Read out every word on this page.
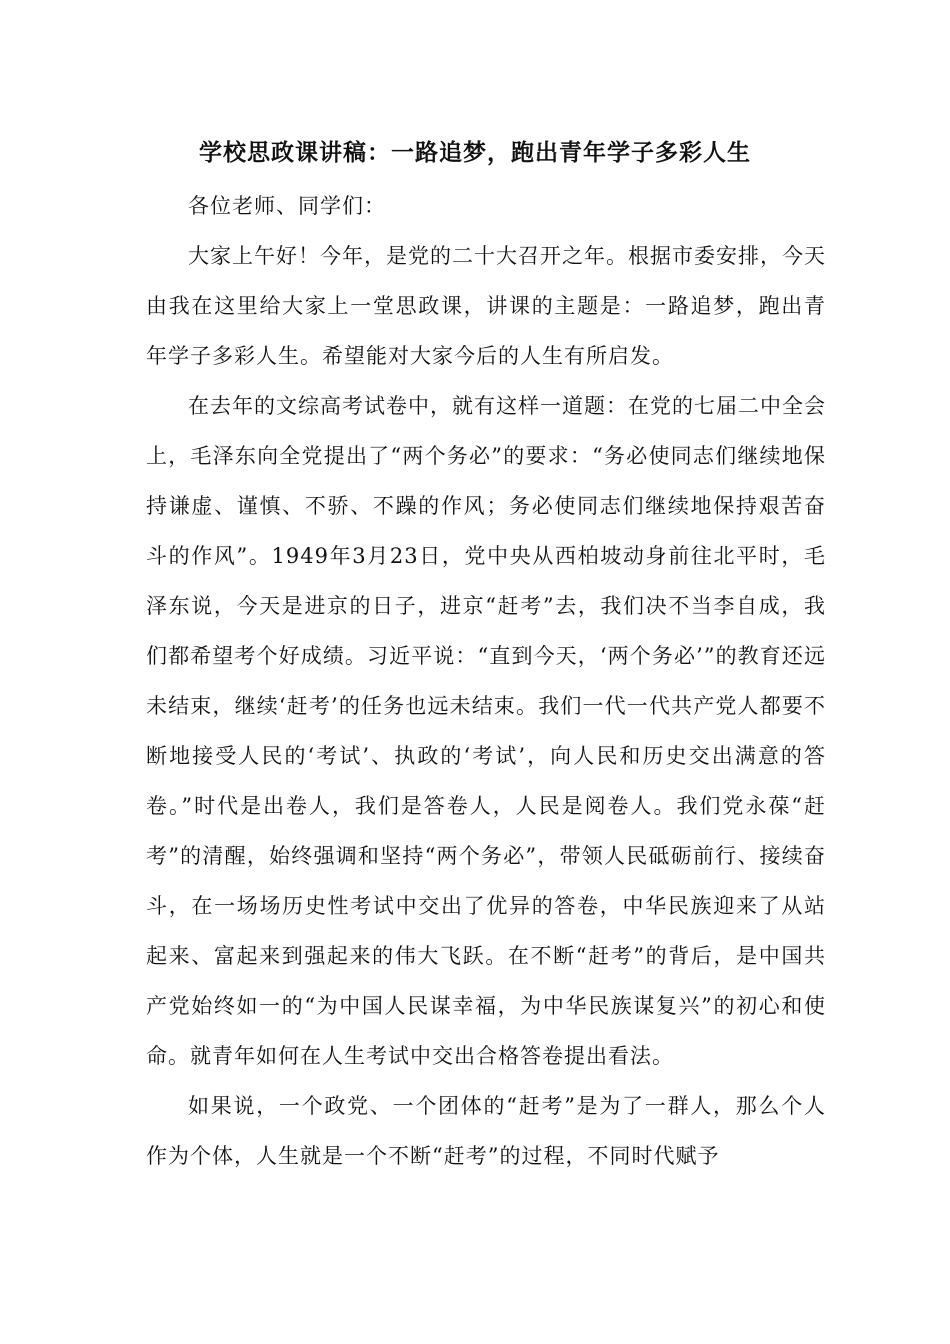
学校思政课讲稿：一路追梦，跑出青年学子多彩人生

各位老师、同学们：

大家上午好！今年，是党的二十大召开之年。根据市委安排，今天由我在这里给大家上一堂思政课，讲课的主题是：一路追梦，跑出青年学子多彩人生。希望能对大家今后的人生有所启发。

在去年的文综高考试卷中，就有这样一道题：在党的七届二中全会上，毛泽东向全党提出了“两个务必”的要求：“务必使同志们继续地保持谦虚、谨慎、不骄、不躁的作风；务必使同志们继续地保持艰苦奋斗的作风”。1949年3月23日，党中央从西柏坡动身前往北平时，毛泽东说，今天是进京的日子，进京“赶考”去，我们决不当李自成，我们都希望考个好成绩。习近平说：“直到今天，‘两个务必’”的教育还远未结束，继续‘赶考’的任务也远未结束。我们一代一代共产党人都要不断地接受人民的‘考试’、执政的‘考试’，向人民和历史交出满意的答卷。”时代是出卷人，我们是答卷人，人民是阅卷人。我们党永葆“赶考”的清醒，始终强调和坚持“两个务必”，带领人民砥砺前行、接续奋斗，在一场场历史性考试中交出了优异的答卷，中华民族迎来了从站起来、富起来到强起来的伟大飞跃。在不断“赶考”的背后，是中国共产党始终如一的“为中国人民谋幸福，为中华民族谋复兴”的初心和使命。就青年如何在人生考试中交出合格答卷提出看法。

如果说，一个政党、一个团体的“赶考”是为了一群人，那么个人作为个体，人生就是一个不断“赶考”的过程，不同时代赋予
